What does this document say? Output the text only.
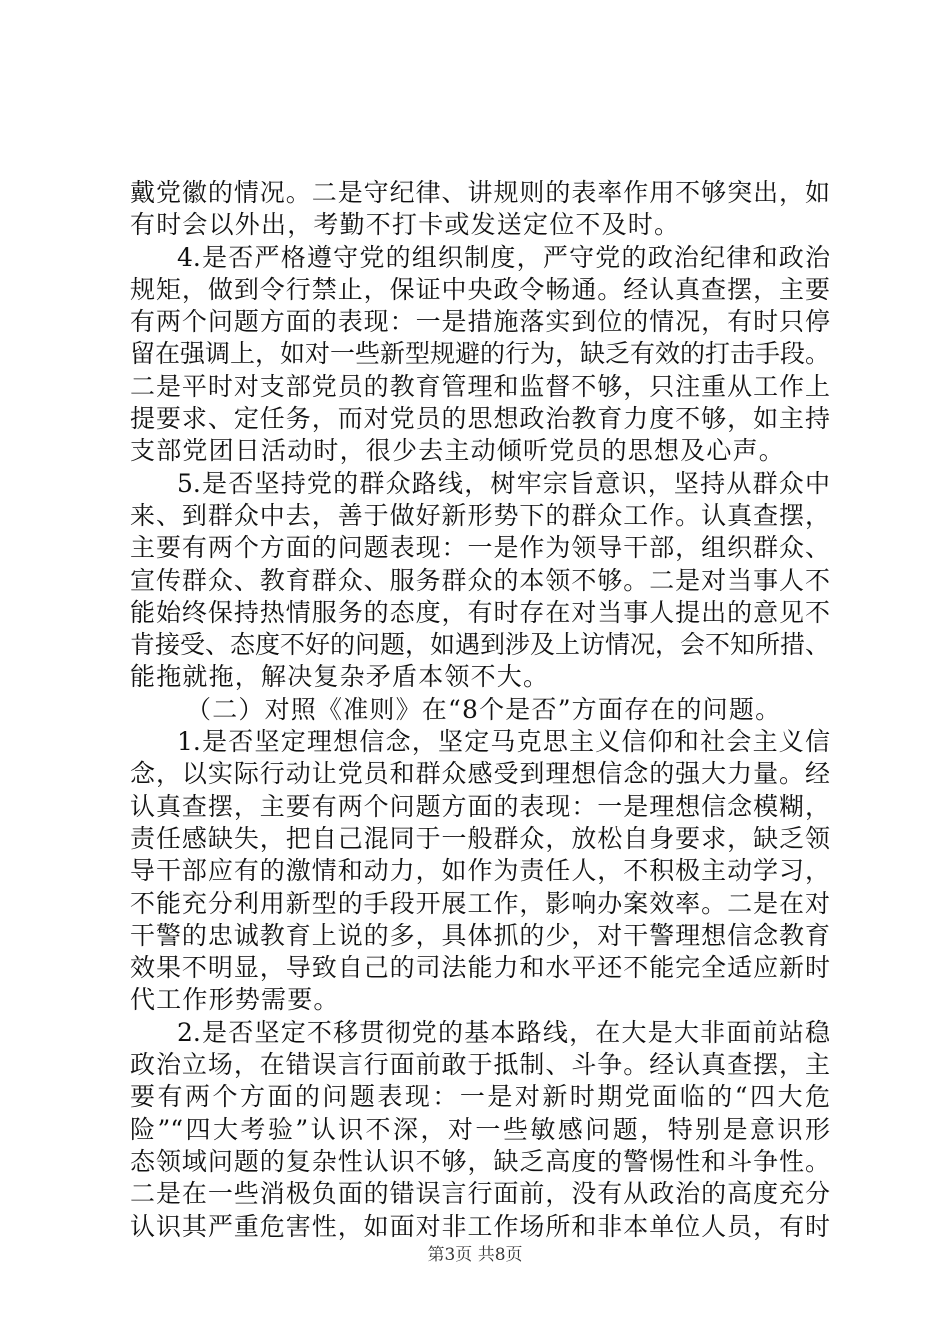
戴党徽的情况。二是守纪律、讲规则的表率作用不够突出，如
有时会以外出，考勤不打卡或发送定位不及时。
4.是否严格遵守党的组织制度，严守党的政治纪律和政治
规矩，做到令行禁止，保证中央政令畅通。经认真查摆，主要
有两个问题方面的表现：一是措施落实到位的情况，有时只停
留在强调上，如对一些新型规避的行为，缺乏有效的打击手段。
二是平时对支部党员的教育管理和监督不够，只注重从工作上
提要求、定任务，而对党员的思想政治教育力度不够，如主持
支部党团日活动时，很少去主动倾听党员的思想及心声。
5.是否坚持党的群众路线，树牢宗旨意识，坚持从群众中
来、到群众中去，善于做好新形势下的群众工作。认真查摆，
主要有两个方面的问题表现：一是作为领导干部，组织群众、
宣传群众、教育群众、服务群众的本领不够。二是对当事人不
能始终保持热情服务的态度，有时存在对当事人提出的意见不
肯接受、态度不好的问题，如遇到涉及上访情况，会不知所措、
能拖就拖，解决复杂矛盾本领不大。
（二）对照《准则》在“8个是否”方面存在的问题。
1.是否坚定理想信念，坚定马克思主义信仰和社会主义信
念，以实际行动让党员和群众感受到理想信念的强大力量。经
认真查摆，主要有两个问题方面的表现：一是理想信念模糊，
责任感缺失，把自己混同于一般群众，放松自身要求，缺乏领
导干部应有的激情和动力，如作为责任人，不积极主动学习，
不能充分利用新型的手段开展工作，影响办案效率。二是在对
干警的忠诚教育上说的多，具体抓的少，对干警理想信念教育
效果不明显，导致自己的司法能力和水平还不能完全适应新时
代工作形势需要。
2.是否坚定不移贯彻党的基本路线，在大是大非面前站稳
政治立场，在错误言行面前敢于抵制、斗争。经认真查摆，主
要有两个方面的问题表现：一是对新时期党面临的“四大危
险”“四大考验”认识不深，对一些敏感问题，特别是意识形
态领域问题的复杂性认识不够，缺乏高度的警惕性和斗争性。
二是在一些消极负面的错误言行面前，没有从政治的高度充分
认识其严重危害性，如面对非工作场所和非本单位人员，有时
第3页 共8页
